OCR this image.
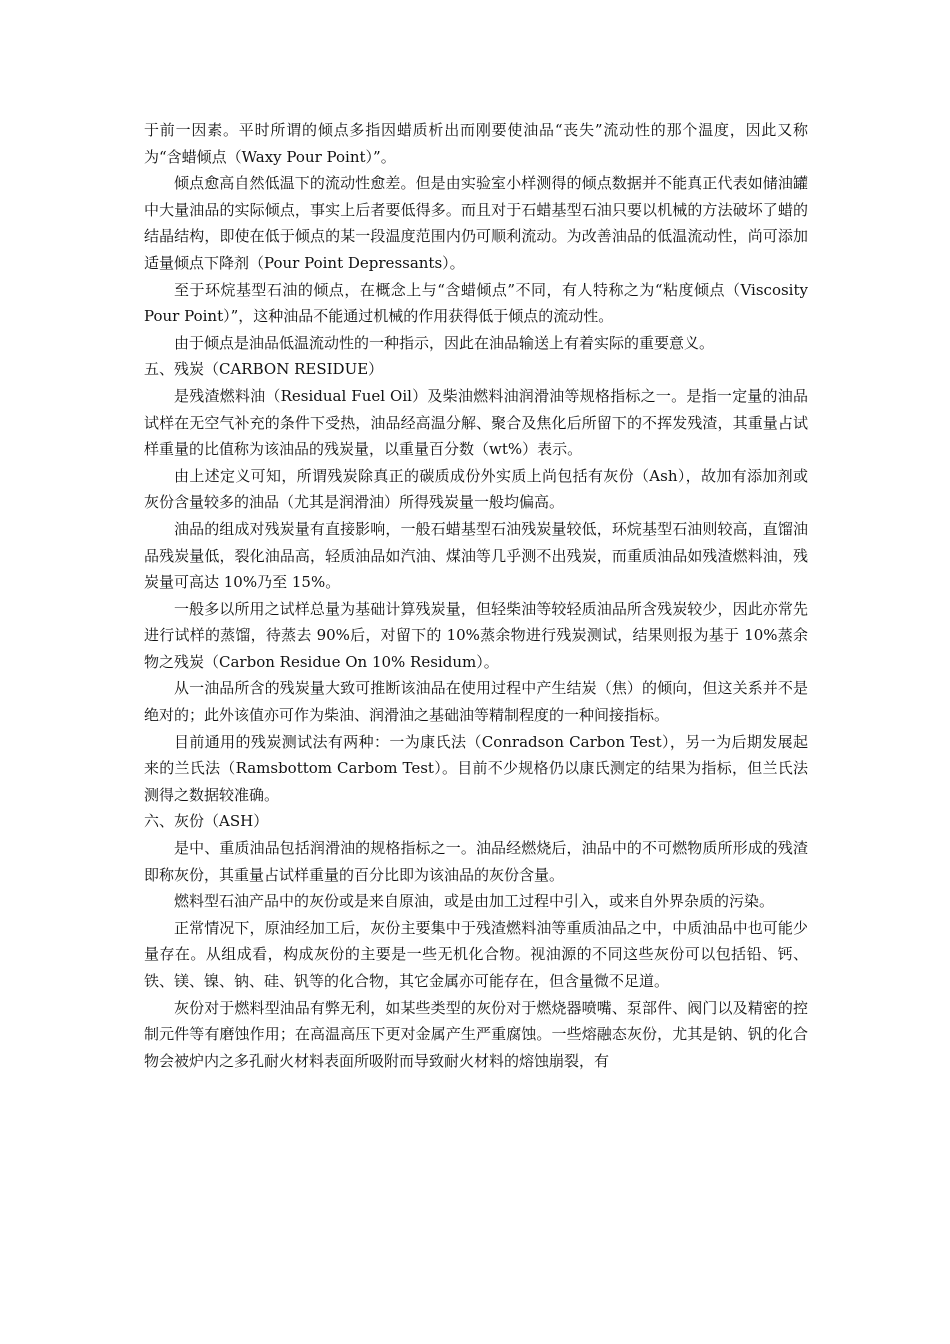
于前一因素。平时所谓的倾点多指因蜡质析出而刚要使油品“丧失”流动性的那个温度，因此又称为“含蜡倾点（Waxy Pour Point）”。

倾点愈高自然低温下的流动性愈差。但是由实验室小样测得的倾点数据并不能真正代表如储油罐中大量油品的实际倾点，事实上后者要低得多。而且对于石蜡基型石油只要以机械的方法破坏了蜡的结晶结构，即使在低于倾点的某一段温度范围内仍可顺利流动。为改善油品的低温流动性，尚可添加适量倾点下降剂（Pour Point Depressants）。

至于环烷基型石油的倾点，在概念上与“含蜡倾点”不同，有人特称之为“粘度倾点（Viscosity Pour Point）”，这种油品不能通过机械的作用获得低于倾点的流动性。

由于倾点是油品低温流动性的一种指示，因此在油品输送上有着实际的重要意义。

五、残炭（CARBON RESIDUE）

是残渣燃料油（Residual Fuel Oil）及柴油燃料油润滑油等规格指标之一。是指一定量的油品试样在无空气补充的条件下受热，油品经高温分解、聚合及焦化后所留下的不挥发残渣，其重量占试样重量的比值称为该油品的残炭量，以重量百分数（wt%）表示。

由上述定义可知，所谓残炭除真正的碳质成份外实质上尚包括有灰份（Ash），故加有添加剂或灰份含量较多的油品（尤其是润滑油）所得残炭量一般均偏高。

油品的组成对残炭量有直接影响，一般石蜡基型石油残炭量较低，环烷基型石油则较高，直馏油品残炭量低，裂化油品高，轻质油品如汽油、煤油等几乎测不出残炭，而重质油品如残渣燃料油，残炭量可高达 10%乃至 15%。

一般多以所用之试样总量为基础计算残炭量，但轻柴油等较轻质油品所含残炭较少，因此亦常先进行试样的蒸馏，待蒸去 90%后，对留下的 10%蒸余物进行残炭测试，结果则报为基于 10%蒸余物之残炭（Carbon Residue On 10% Residum）。

从一油品所含的残炭量大致可推断该油品在使用过程中产生结炭（焦）的倾向，但这关系并不是绝对的；此外该值亦可作为柴油、润滑油之基础油等精制程度的一种间接指标。

目前通用的残炭测试法有两种：一为康氏法（Conradson Carbon Test），另一为后期发展起来的兰氏法（Ramsbottom Carbom Test）。目前不少规格仍以康氏测定的结果为指标，但兰氏法测得之数据较准确。

六、灰份（ASH）

是中、重质油品包括润滑油的规格指标之一。油品经燃烧后，油品中的不可燃物质所形成的残渣即称灰份，其重量占试样重量的百分比即为该油品的灰份含量。

燃料型石油产品中的灰份或是来自原油，或是由加工过程中引入，或来自外界杂质的污染。

正常情况下，原油经加工后，灰份主要集中于残渣燃料油等重质油品之中，中质油品中也可能少量存在。从组成看，构成灰份的主要是一些无机化合物。视油源的不同这些灰份可以包括铅、钙、铁、镁、镍、钠、硅、钒等的化合物，其它金属亦可能存在，但含量微不足道。

灰份对于燃料型油品有弊无利，如某些类型的灰份对于燃烧器喷嘴、泵部件、阀门以及精密的控制元件等有磨蚀作用；在高温高压下更对金属产生严重腐蚀。一些熔融态灰份，尤其是钠、钒的化合物会被炉内之多孔耐火材料表面所吸附而导致耐火材料的熔蚀崩裂，有
